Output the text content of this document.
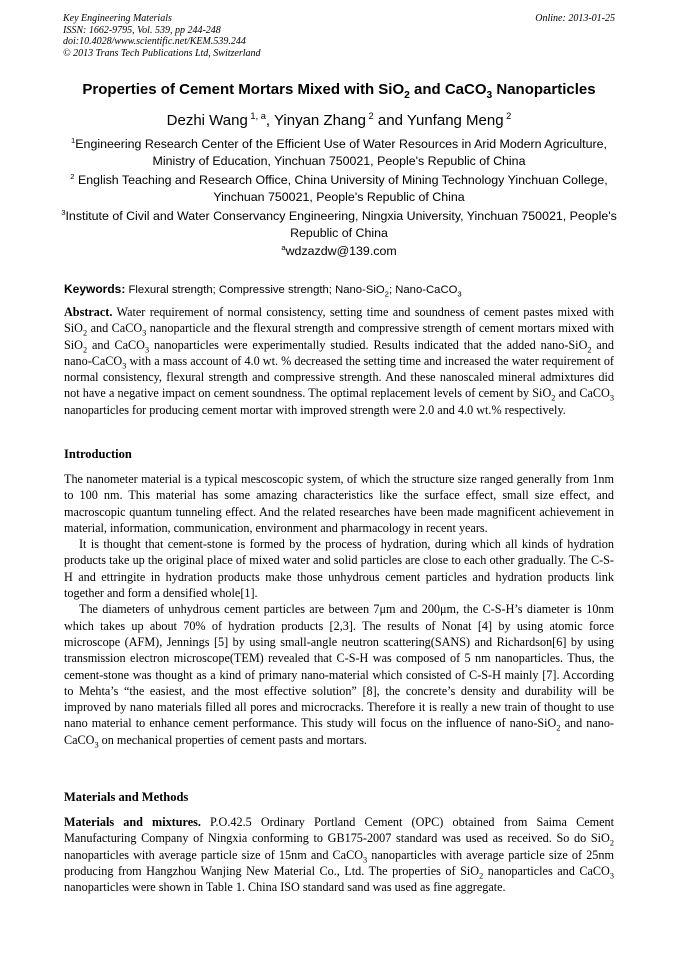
Key Engineering Materials
ISSN: 1662-9795, Vol. 539, pp 244-248
doi:10.4028/www.scientific.net/KEM.539.244
© 2013 Trans Tech Publications Ltd, Switzerland
Online: 2013-01-25
Properties of Cement Mortars Mixed with SiO$_2$ and CaCO$_3$ Nanoparticles
Dezhi Wang $^{1, a}$, Yinyan Zhang $^2$ and Yunfang Meng $^2$
$^1$Engineering Research Center of the Efficient Use of Water Resources in Arid Modern Agriculture, Ministry of Education, Yinchuan 750021, People's Republic of China
$^2$ English Teaching and Research Office, China University of Mining Technology Yinchuan College, Yinchuan 750021, People's Republic of China
$^3$Institute of Civil and Water Conservancy Engineering, Ningxia University, Yinchuan 750021, People's Republic of China
$^a$wdzazdw@139.com
Keywords: Flexural strength; Compressive strength; Nano-SiO$_2$; Nano-CaCO$_3$
Abstract. Water requirement of normal consistency, setting time and soundness of cement pastes mixed with SiO$_2$ and CaCO$_3$ nanoparticle and the flexural strength and compressive strength of cement mortars mixed with SiO$_2$ and CaCO$_3$ nanoparticles were experimentally studied. Results indicated that the added nano-SiO$_2$ and nano-CaCO$_3$ with a mass account of 4.0 wt. % decreased the setting time and increased the water requirement of normal consistency, flexural strength and compressive strength. And these nanoscaled mineral admixtures did not have a negative impact on cement soundness. The optimal replacement levels of cement by SiO$_2$ and CaCO$_3$ nanoparticles for producing cement mortar with improved strength were 2.0 and 4.0 wt.% respectively.
Introduction

The nanometer material is a typical mescoscopic system, of which the structure size ranged generally from 1nm to 100 nm. This material has some amazing characteristics like the surface effect, small size effect, and macroscopic quantum tunneling effect. And the related researches have been made magnificent achievement in material, information, communication, environment and pharmacology in recent years.

It is thought that cement-stone is formed by the process of hydration, during which all kinds of hydration products take up the original place of mixed water and solid particles are close to each other gradually. The C-S-H and ettringite in hydration products make those unhydrous cement particles and hydration products link together and form a densified whole[1].

The diameters of unhydrous cement particles are between 7μm and 200μm, the C-S-H’s diameter is 10nm which takes up about 70% of hydration products [2,3]. The results of Nonat [4] by using atomic force microscope (AFM), Jennings [5] by using small-angle neutron scattering(SANS) and Richardson[6] by using transmission electron microscope(TEM) revealed that C-S-H was composed of 5 nm nanoparticles. Thus, the cement-stone was thought as a kind of primary nano-material which consisted of C-S-H mainly [7]. According to Mehta’s “the easiest, and the most effective solution” [8], the concrete’s density and durability will be improved by nano materials filled all pores and microcracks. Therefore it is really a new train of thought to use nano material to enhance cement performance. This study will focus on the influence of nano-SiO$_2$ and nano-CaCO$_3$ on mechanical properties of cement pasts and mortars.

Materials and Methods
Materials and mixtures. P.O.42.5 Ordinary Portland Cement (OPC) obtained from Saima Cement Manufacturing Company of Ningxia conforming to GB175-2007 standard was used as received. So do SiO$_2$ nanoparticles with average particle size of 15nm and CaCO$_3$ nanoparticles with average particle size of 25nm producing from Hangzhou Wanjing New Material Co., Ltd. The properties of SiO$_2$ nanoparticles and CaCO$_3$ nanoparticles were shown in Table 1. China ISO standard sand was used as fine aggregate.
